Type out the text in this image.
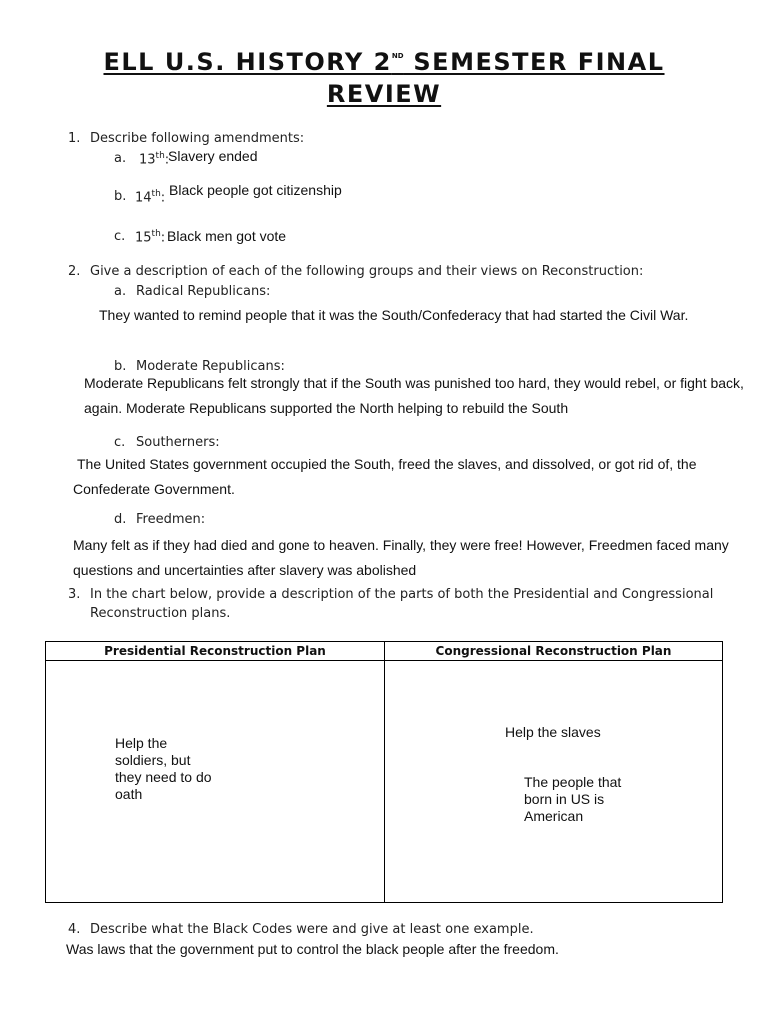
ELL U.S. HISTORY 2ND SEMESTER FINAL
REVIEW
1. Describe following amendments:
a. 13th:
Slavery ended
b. 14th: Black people got citizenship
c. 15th: Black men got vote
2. Give a description of each of the following groups and their views on Reconstruction:
a. Radical Republicans:
They wanted to remind people that it was the South/Confederacy that had started the Civil War.
b. Moderate Republicans:
Moderate Republicans felt strongly that if the South was punished too hard, they would rebel, or fight back,
again. Moderate Republicans supported the North helping to rebuild the South
c. Southerners:
The United States government occupied the South, freed the slaves, and dissolved, or got rid of, the
Confederate Government.
d. Freedmen:
Many felt as if they had died and gone to heaven. Finally, they were free! However, Freedmen faced many
questions and uncertainties after slavery was abolished
3. In the chart below, provide a description of the parts of both the Presidential and Congressional
Reconstruction plans.
Presidential Reconstruction Plan	Congressional Reconstruction Plan

Help the soldiers, but they need to do oath	Help the slaves
The people that born in US is American
4. Describe what the Black Codes were and give at least one example.
Was laws that the government put to control the black people after the freedom.
